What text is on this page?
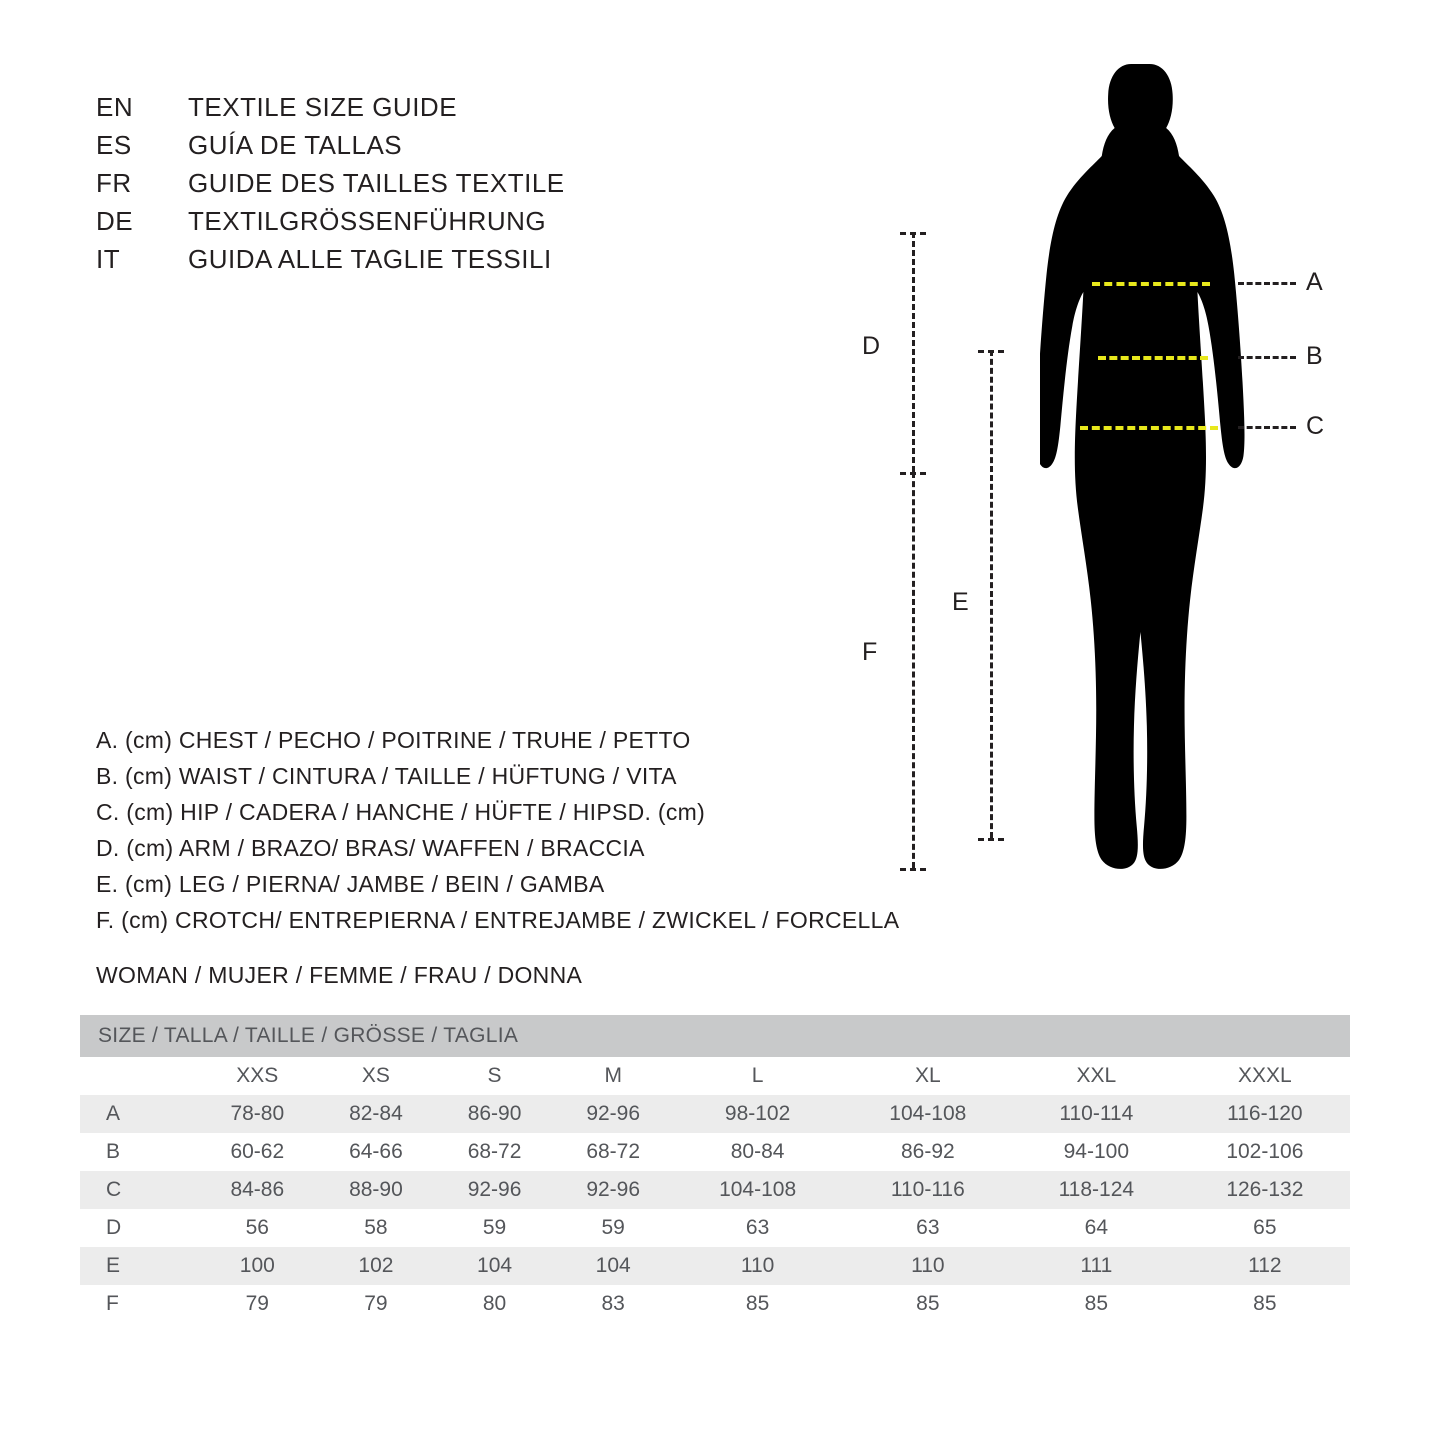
EN	TEXTILE SIZE GUIDE
ES	GUÍA DE TALLAS
FR	GUIDE DES TAILLES TEXTILE
DE	TEXTILGRÖSSENFÜHRUNG
IT	GUIDA ALLE TAGLIE TESSILI
A
B
C
D
F
E
A. (cm) CHEST / PECHO / POITRINE / TRUHE / PETTO
B. (cm) WAIST / CINTURA / TAILLE / HÜFTUNG / VITA
C. (cm) HIP / CADERA / HANCHE / HÜFTE / HIPSD. (cm)
D. (cm) ARM / BRAZO/ BRAS/ WAFFEN / BRACCIA
E. (cm) LEG / PIERNA/ JAMBE / BEIN / GAMBA
F. (cm) CROTCH/ ENTREPIERNA / ENTREJAMBE / ZWICKEL / FORCELLA
WOMAN / MUJER / FEMME / FRAU / DONNA
SIZE / TALLA / TAILLE / GRÖSSE / TAGLIA
	XXS	XS	S	M	L	XL	XXL	XXXL
A	78-80	82-84	86-90	92-96	98-102	104-108	110-114	116-120
B	60-62	64-66	68-72	68-72	80-84	86-92	94-100	102-106
C	84-86	88-90	92-96	92-96	104-108	110-116	118-124	126-132
D	56	58	59	59	63	63	64	65
E	100	102	104	104	110	110	111	112
F	79	79	80	83	85	85	85	85
